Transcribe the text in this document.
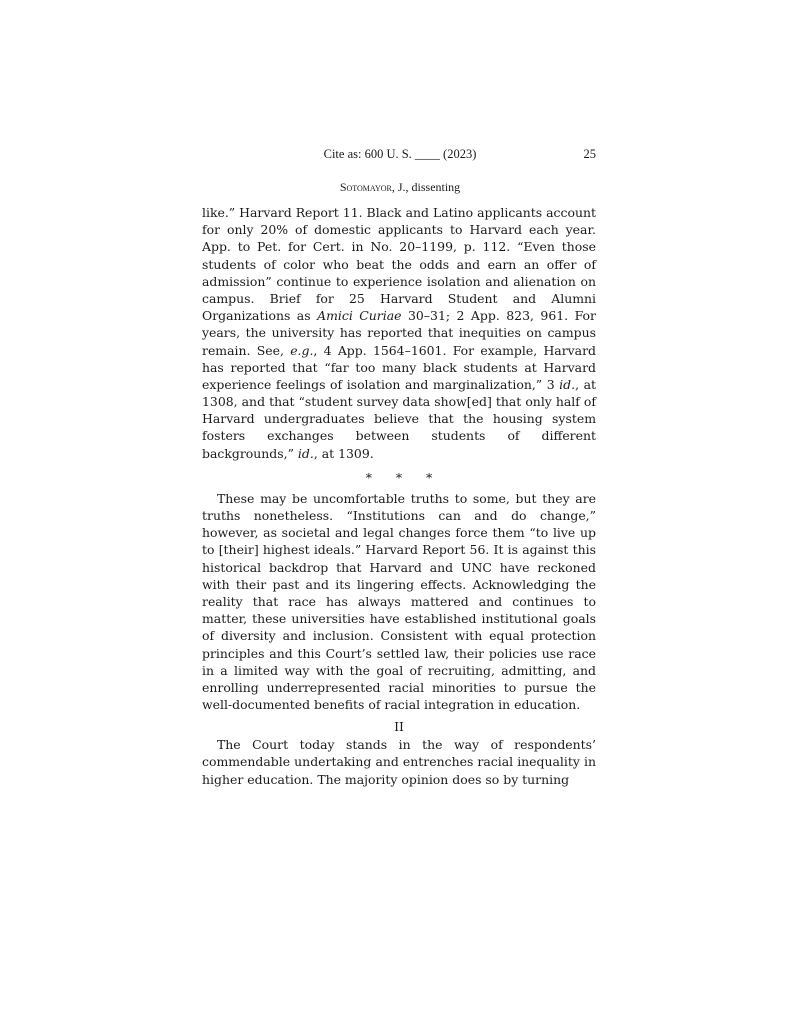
Cite as: 600 U. S. ____ (2023)	25
Sotomayor, J., dissenting

like.” Harvard Report 11. Black and Latino applicants account for only 20% of domestic applicants to Harvard each year. App. to Pet. for Cert. in No. 20–1199, p. 112. “Even those students of color who beat the odds and earn an offer of admission” continue to experience isolation and alienation on campus. Brief for 25 Harvard Student and Alumni Organizations as Amici Curiae 30–31; 2 App. 823, 961. For years, the university has reported that inequities on campus remain. See, e.g., 4 App. 1564–1601. For example, Harvard has reported that “far too many black students at Harvard experience feelings of isolation and marginalization,” 3 id., at 1308, and that “student survey data show[ed] that only half of Harvard undergraduates believe that the housing system fosters exchanges between students of different backgrounds,” id., at 1309.

* * *

These may be uncomfortable truths to some, but they are truths nonetheless. “Institutions can and do change,” however, as societal and legal changes force them “to live up to [their] highest ideals.” Harvard Report 56. It is against this historical backdrop that Harvard and UNC have reckoned with their past and its lingering effects. Acknowledging the reality that race has always mattered and continues to matter, these universities have established institutional goals of diversity and inclusion. Consistent with equal protection principles and this Court’s settled law, their policies use race in a limited way with the goal of recruiting, admitting, and enrolling underrepresented racial minorities to pursue the well-documented benefits of racial integration in education.

II

The Court today stands in the way of respondents’ commendable undertaking and entrenches racial inequality in higher education. The majority opinion does so by turning
